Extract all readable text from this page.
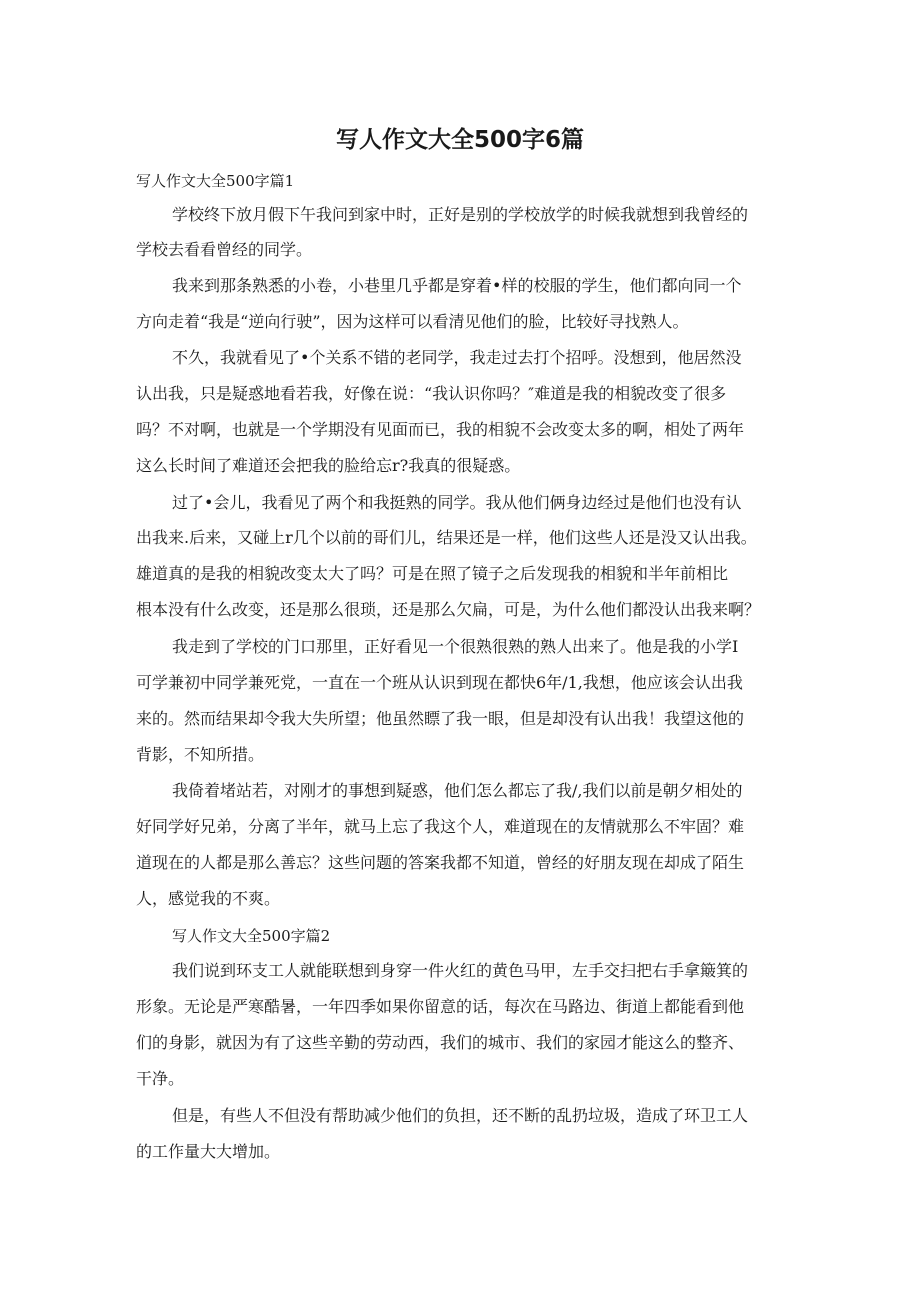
写人作文大全500字6篇
写人作文大全500字篇1
学校终下放月假下午我问到家中时，正好是别的学校放学的时候我就想到我曾经的
学校去看看曾经的同学。
我来到那条熟悉的小卷，小巷里几乎都是穿着•样的校服的学生，他们都向同一个
方向走着“我是“逆向行驶”，因为这样可以看清见他们的脸，比较好寻找熟人。
不久，我就看见了•个关系不错的老同学，我走过去打个招呼。没想到，他居然没
认出我，只是疑惑地看若我，好像在说：“我认识你吗？″难道是我的相貌改变了很多
吗？不对啊，也就是一个学期没有见面而已，我的相貌不会改变太多的啊，相处了两年
这么长时间了难道还会把我的脸给忘r?我真的很疑惑。
过了•会儿，我看见了两个和我挺熟的同学。我从他们俩身边经过是他们也没有认
出我来.后来，又碰上r几个以前的哥们儿，结果还是一样，他们这些人还是没又认出我。
雄道真的是我的相貌改变太大了吗？可是在照了镜子之后发现我的相貌和半年前相比
根本没有什么改变，还是那么很琐，还是那么欠扁，可是，为什么他们都没认出我来啊？
我走到了学校的门口那里，正好看见一个很熟很熟的熟人出来了。他是我的小学I
可学兼初中同学兼死党，一直在一个班从认识到现在都快6年/1,我想，他应该会认出我
来的。然而结果却令我大失所望；他虽然瞟了我一眼，但是却没有认出我！我望这他的
背影，不知所措。
我倚着堵站若，对刚才的事想到疑惑，他们怎么都忘了我/,我们以前是朝夕相处的
好同学好兄弟，分离了半年，就马上忘了我这个人，难道现在的友情就那么不牢固？难
道现在的人都是那么善忘？这些问题的答案我都不知道，曾经的好朋友现在却成了陌生
人，感觉我的不爽。
写人作文大全500字篇2
我们说到环支工人就能联想到身穿一件火红的黄色马甲，左手交扫把右手拿簸箕的
形象。无论是严寒酷暑，一年四季如果你留意的话，每次在马路边、街道上都能看到他
们的身影，就因为有了这些辛勤的劳动西，我们的城市、我们的家园才能这么的整齐、
干净。
但是，有些人不但没有帮助减少他们的负担，还不断的乱扔垃圾，造成了环卫工人
的工作量大大增加。
